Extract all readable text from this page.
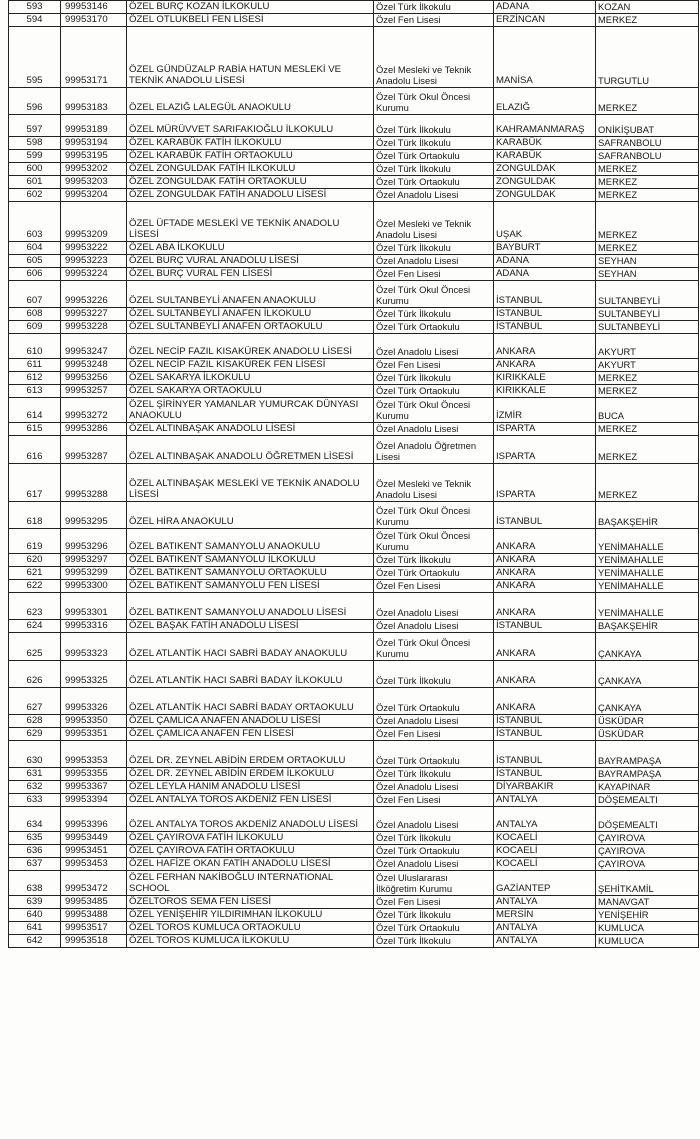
593	99953146	ÖZEL BURÇ KOZAN İLKOKULU	Özel Türk İlkokulu	ADANA	KOZAN
594	99953170	ÖZEL OTLUKBELİ FEN LİSESİ	Özel Fen Lisesi	ERZİNCAN	MERKEZ
595	99953171	ÖZEL GÜNDÜZALP RABİA HATUN MESLEKİ VE TEKNİK ANADOLU LİSESİ	Özel Mesleki ve Teknik Anadolu Lisesi	MANİSA	TURGUTLU
596	99953183	ÖZEL ELAZIĞ LALEGÜL ANAOKULU	Özel Türk Okul Öncesi Kurumu	ELAZIĞ	MERKEZ
597	99953189	ÖZEL MÜRÜVVET SARIFAKIOĞLU İLKOKULU	Özel Türk İlkokulu	KAHRAMANMARAŞ	ONİKİŞUBAT
598	99953194	ÖZEL KARABÜK FATİH İLKOKULU	Özel Türk İlkokulu	KARABÜK	SAFRANBOLU
599	99953195	ÖZEL KARABÜK FATİH ORTAOKULU	Özel Türk Ortaokulu	KARABÜK	SAFRANBOLU
600	99953202	ÖZEL ZONGULDAK FATİH İLKOKULU	Özel Türk İlkokulu	ZONGULDAK	MERKEZ
601	99953203	ÖZEL ZONGULDAK FATİH ORTAOKULU	Özel Türk Ortaokulu	ZONGULDAK	MERKEZ
602	99953204	ÖZEL ZONGULDAK FATİH ANADOLU LİSESİ	Özel Anadolu Lisesi	ZONGULDAK	MERKEZ
603	99953209	ÖZEL ÜFTADE MESLEKİ VE TEKNİK ANADOLU LİSESİ	Özel Mesleki ve Teknik Anadolu Lisesi	UŞAK	MERKEZ
604	99953222	ÖZEL ABA İLKOKULU	Özel Türk İlkokulu	BAYBURT	MERKEZ
605	99953223	ÖZEL BURÇ VURAL ANADOLU LİSESİ	Özel Anadolu Lisesi	ADANA	SEYHAN
606	99953224	ÖZEL BURÇ VURAL FEN LİSESİ	Özel Fen Lisesi	ADANA	SEYHAN
607	99953226	ÖZEL SULTANBEYLİ ANAFEN ANAOKULU	Özel Türk Okul Öncesi Kurumu	İSTANBUL	SULTANBEYLİ
608	99953227	ÖZEL SULTANBEYLİ ANAFEN İLKOKULU	Özel Türk İlkokulu	İSTANBUL	SULTANBEYLİ
609	99953228	ÖZEL SULTANBEYLİ ANAFEN ORTAOKULU	Özel Türk Ortaokulu	İSTANBUL	SULTANBEYLİ
610	99953247	ÖZEL NECİP FAZIL KISAKÜREK ANADOLU LİSESİ	Özel Anadolu Lisesi	ANKARA	AKYURT
611	99953248	ÖZEL NECİP FAZIL KISAKÜREK FEN LİSESİ	Özel Fen Lisesi	ANKARA	AKYURT
612	99953256	ÖZEL SAKARYA İLKOKULU	Özel Türk İlkokulu	KIRIKKALE	MERKEZ
613	99953257	ÖZEL SAKARYA ORTAOKULU	Özel Türk Ortaokulu	KIRIKKALE	MERKEZ
614	99953272	ÖZEL ŞİRİNYER YAMANLAR YUMURCAK DÜNYASI ANAOKULU	Özel Türk Okul Öncesi Kurumu	İZMİR	BUCA
615	99953286	ÖZEL ALTINBAŞAK ANADOLU LİSESİ	Özel Anadolu Lisesi	ISPARTA	MERKEZ
616	99953287	ÖZEL ALTINBAŞAK ANADOLU ÖĞRETMEN LİSESİ	Özel Anadolu Öğretmen Lisesi	ISPARTA	MERKEZ
617	99953288	ÖZEL ALTINBAŞAK MESLEKİ VE TEKNİK ANADOLU LİSESİ	Özel Mesleki ve Teknik Anadolu Lisesi	ISPARTA	MERKEZ
618	99953295	ÖZEL HİRA ANAOKULU	Özel Türk Okul Öncesi Kurumu	İSTANBUL	BAŞAKŞEHİR
619	99953296	ÖZEL BATIKENT SAMANYOLU ANAOKULU	Özel Türk Okul Öncesi Kurumu	ANKARA	YENİMAHALLE
620	99953297	ÖZEL BATIKENT SAMANYOLU İLKOKULU	Özel Türk İlkokulu	ANKARA	YENİMAHALLE
621	99953299	ÖZEL BATIKENT SAMANYOLU ORTAOKULU	Özel Türk Ortaokulu	ANKARA	YENİMAHALLE
622	99953300	ÖZEL BATIKENT SAMANYOLU FEN LİSESİ	Özel Fen Lisesi	ANKARA	YENİMAHALLE
623	99953301	ÖZEL BATIKENT SAMANYOLU ANADOLU LİSESİ	Özel Anadolu Lisesi	ANKARA	YENİMAHALLE
624	99953316	ÖZEL BAŞAK FATİH ANADOLU LİSESİ	Özel Anadolu Lisesi	İSTANBUL	BAŞAKŞEHİR
625	99953323	ÖZEL ATLANTİK HACI SABRİ BADAY ANAOKULU	Özel Türk Okul Öncesi Kurumu	ANKARA	ÇANKAYA
626	99953325	ÖZEL ATLANTİK HACI SABRİ BADAY İLKOKULU	Özel Türk İlkokulu	ANKARA	ÇANKAYA
627	99953326	ÖZEL ATLANTİK HACI SABRİ BADAY ORTAOKULU	Özel Türk Ortaokulu	ANKARA	ÇANKAYA
628	99953350	ÖZEL ÇAMLICA ANAFEN ANADOLU LİSESİ	Özel Anadolu Lisesi	İSTANBUL	ÜSKÜDAR
629	99953351	ÖZEL ÇAMLICA ANAFEN FEN LİSESİ	Özel Fen Lisesi	İSTANBUL	ÜSKÜDAR
630	99953353	ÖZEL DR. ZEYNEL ABİDİN ERDEM ORTAOKULU	Özel Türk Ortaokulu	İSTANBUL	BAYRAMPAŞA
631	99953355	ÖZEL DR. ZEYNEL ABİDİN ERDEM İLKOKULU	Özel Türk İlkokulu	İSTANBUL	BAYRAMPAŞA
632	99953367	ÖZEL LEYLA HANIM ANADOLU LİSESİ	Özel Anadolu Lisesi	DİYARBAKIR	KAYAPINAR
633	99953394	ÖZEL ANTALYA TOROS AKDENİZ FEN LİSESİ	Özel Fen Lisesi	ANTALYA	DÖŞEMEALTI
634	99953396	ÖZEL ANTALYA TOROS AKDENİZ ANADOLU LİSESİ	Özel Anadolu Lisesi	ANTALYA	DÖŞEMEALTI
635	99953449	ÖZEL ÇAYIROVA FATİH İLKOKULU	Özel Türk İlkokulu	KOCAELİ	ÇAYIROVA
636	99953451	ÖZEL ÇAYIROVA FATİH ORTAOKULU	Özel Türk Ortaokulu	KOCAELİ	ÇAYIROVA
637	99953453	ÖZEL HAFİZE OKAN FATİH ANADOLU LİSESİ	Özel Anadolu Lisesi	KOCAELİ	ÇAYIROVA
638	99953472	ÖZEL FERHAN NAKİBOĞLU INTERNATIONAL SCHOOL	Özel Uluslararası İlköğretim Kurumu	GAZİANTEP	ŞEHİTKAMİL
639	99953485	ÖZELTOROS SEMA FEN LİSESİ	Özel Fen Lisesi	ANTALYA	MANAVGAT
640	99953488	ÖZEL YENİŞEHİR YILDIRIMHAN İLKOKULU	Özel Türk İlkokulu	MERSİN	YENİŞEHİR
641	99953517	ÖZEL TOROS KUMLUCA ORTAOKULU	Özel Türk Ortaokulu	ANTALYA	KUMLUCA
642	99953518	ÖZEL TOROS KUMLUCA İLKOKULU	Özel Türk İlkokulu	ANTALYA	KUMLUCA
